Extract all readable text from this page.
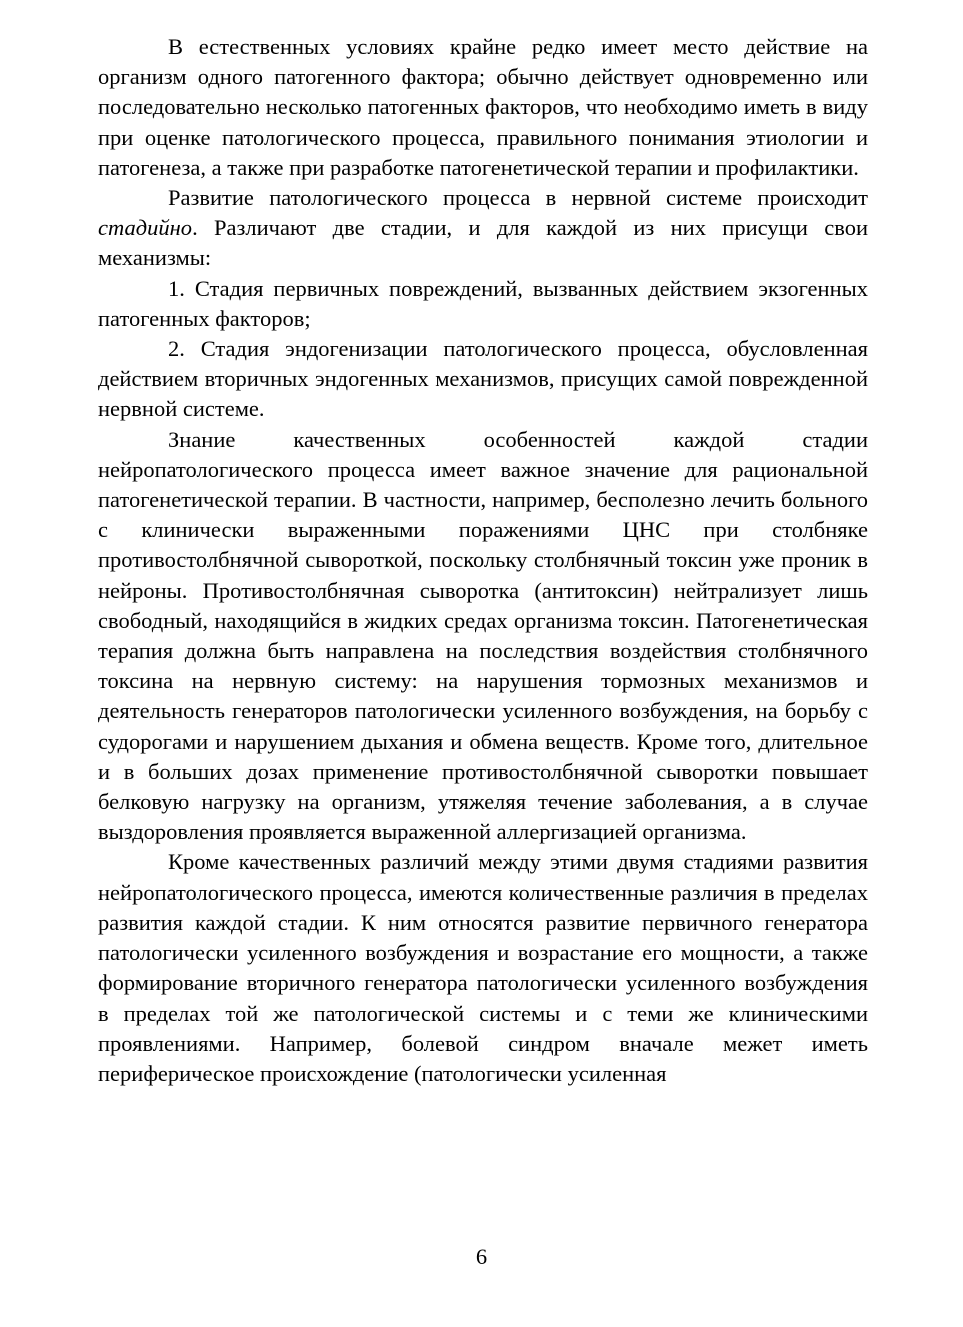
В естественных условиях крайне редко имеет место действие на организм одного патогенного фактора; обычно действует одновременно или последовательно несколько патогенных факторов, что необходимо иметь в виду при оценке патологического процесса, правильного понимания этиологии и патогенеза, а также при разработке патогенетической терапии и профилактики.

Развитие патологического процесса в нервной системе происходит стадийно. Различают две стадии, и для каждой из них присущи свои механизмы:

1. Стадия первичных повреждений, вызванных действием экзогенных патогенных факторов;

2. Стадия эндогенизации патологического процесса, обусловленная действием вторичных эндогенных механизмов, присущих самой поврежденной нервной системе.

Знание качественных особенностей каждой стадии нейропатологического процесса имеет важное значение для рациональной патогенетической терапии. В частности, например, бесполезно лечить больного с клинически выраженными поражениями ЦНС при столбняке противостолбнячной сывороткой, поскольку столбнячный токсин уже проник в нейроны. Противостолбнячная сыворотка (антитоксин) нейтрализует лишь свободный, находящийся в жидких средах организма токсин. Патогенетическая терапия должна быть направлена на последствия воздействия столбнячного токсина на нервную систему: на нарушения тормозных механизмов и деятельность генераторов патологически усиленного возбуждения, на борьбу с судорогами и нарушением дыхания и обмена веществ. Кроме того, длительное и в больших дозах применение противостолбнячной сыворотки повышает белковую нагрузку на организм, утяжеляя течение заболевания, а в случае выздоровления проявляется выраженной аллергизацией организма.

Кроме качественных различий между этими двумя стадиями развития нейропатологического процесса, имеются количественные различия в пределах развития каждой стадии. К ним относятся развитие первичного генератора патологически усиленного возбуждения и возрастание его мощности, а также формирование вторичного генератора патологически усиленного возбуждения в пределах той же патологической системы и с теми же клиническими проявлениями. Например, болевой синдром вначале межет иметь периферическое происхождение (патологически усиленная

6
